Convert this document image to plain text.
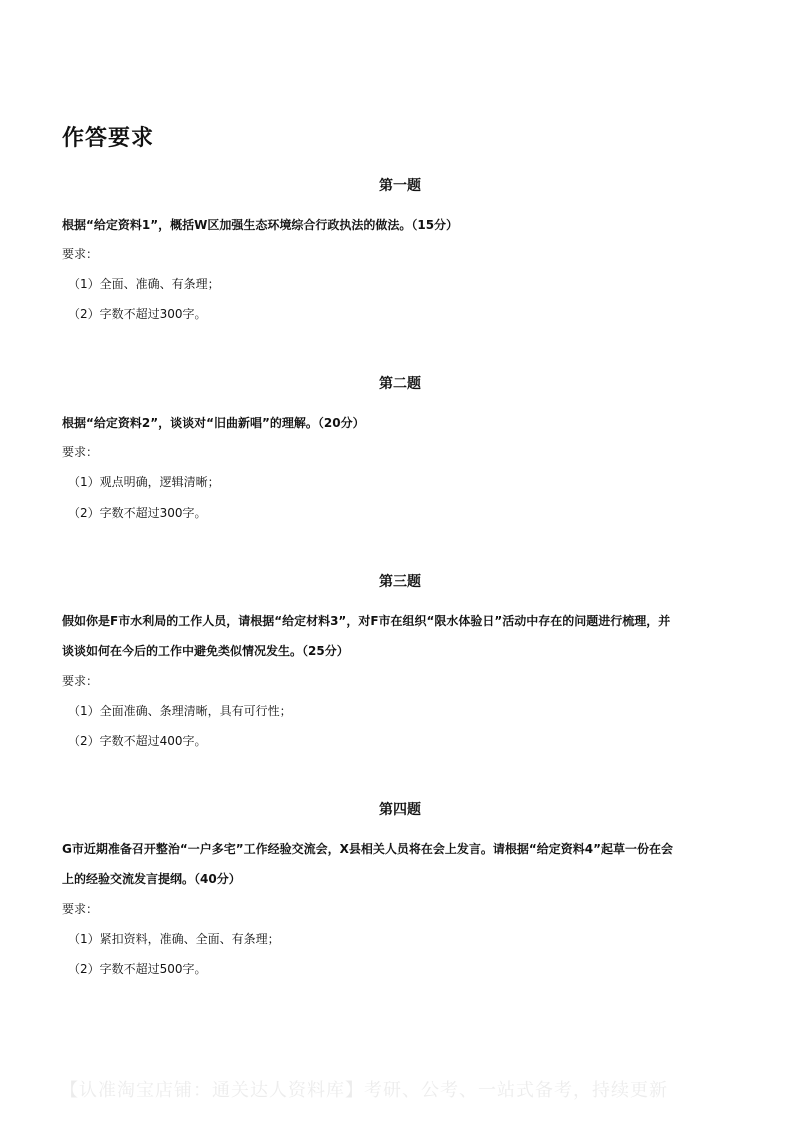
作答要求
第一题
根据“给定资料1”，概括W区加强生态环境综合行政执法的做法。（15分）
要求：
（1）全面、准确、有条理；
（2）字数不超过300字。
第二题
根据“给定资料2”，谈谈对“旧曲新唱”的理解。（20分）
要求：
（1）观点明确，逻辑清晰；
（2）字数不超过300字。
第三题
假如你是F市水利局的工作人员，请根据“给定材料3”，对F市在组织“限水体验日”活动中存在的问题进行梳理，并
谈谈如何在今后的工作中避免类似情况发生。（25分）
要求：
（1）全面准确、条理清晰，具有可行性；
（2）字数不超过400字。
第四题
G市近期准备召开整治“一户多宅”工作经验交流会，X县相关人员将在会上发言。请根据“给定资料4”起草一份在会
上的经验交流发言提纲。（40分）
要求：
（1）紧扣资料，准确、全面、有条理；
（2）字数不超过500字。
【认准淘宝店铺：通关达人资料库】考研、公考、一站式备考，持续更新
